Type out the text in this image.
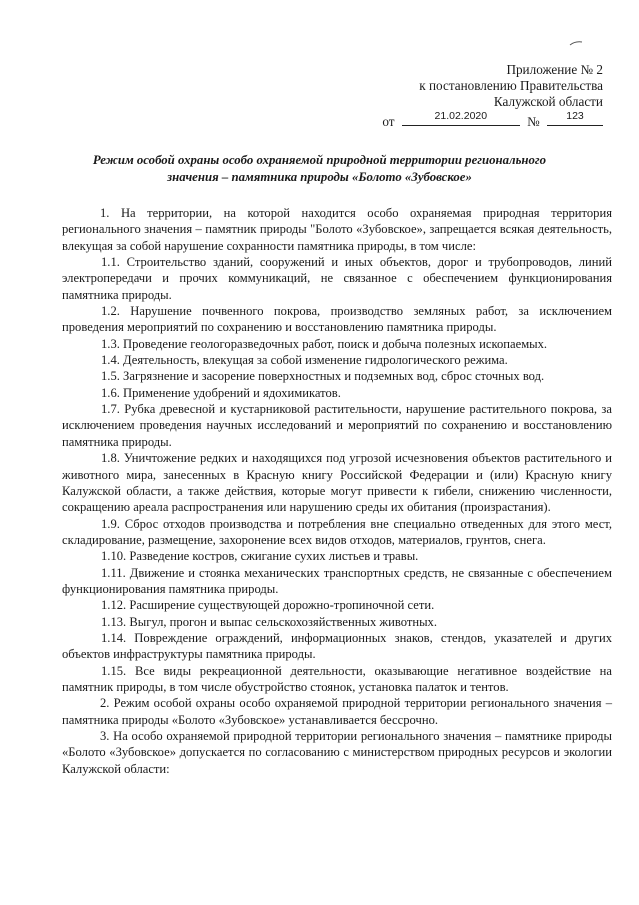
Приложение № 2
к постановлению Правительства
Калужской области
от	21.02.2020	№	123
Режим особой охраны особо охраняемой природной территории регионального
значения – памятника природы «Болото «Зубовское»

1. На территории, на которой находится особо охраняемая природная территория регионального значения – памятник природы "Болото «Зубовское», запрещается всякая деятельность, влекущая за собой нарушение сохранности памятника природы, в том числе:

1.1. Строительство зданий, сооружений и иных объектов, дорог и трубопроводов, линий электропередачи и прочих коммуникаций, не связанное с обеспечением функционирования памятника природы.

1.2. Нарушение почвенного покрова, производство земляных работ, за исключением проведения мероприятий по сохранению и восстановлению памятника природы.

1.3. Проведение геологоразведочных работ, поиск и добыча полезных ископаемых.

1.4. Деятельность, влекущая за собой изменение гидрологического режима.

1.5. Загрязнение и засорение поверхностных и подземных вод, сброс сточных вод.

1.6. Применение удобрений и ядохимикатов.

1.7. Рубка древесной и кустарниковой растительности, нарушение растительного покрова, за исключением проведения научных исследований и мероприятий по сохранению и восстановлению памятника природы.

1.8. Уничтожение редких и находящихся под угрозой исчезновения объектов растительного и животного мира, занесенных в Красную книгу Российской Федерации и (или) Красную книгу Калужской области, а также действия, которые могут привести к гибели, снижению численности, сокращению ареала распространения или нарушению среды их обитания (произрастания).

1.9. Сброс отходов производства и потребления вне специально отведенных для этого мест, складирование, размещение, захоронение всех видов отходов, материалов, грунтов, снега.

1.10. Разведение костров, сжигание сухих листьев и травы.

1.11. Движение и стоянка механических транспортных средств, не связанные с обеспечением функционирования памятника природы.

1.12. Расширение существующей дорожно-тропиночной сети.

1.13. Выгул, прогон и выпас сельскохозяйственных животных.

1.14. Повреждение ограждений, информационных знаков, стендов, указателей и других объектов инфраструктуры памятника природы.

1.15. Все виды рекреационной деятельности, оказывающие негативное воздействие на памятник природы, в том числе обустройство стоянок, установка палаток и тентов.

2. Режим особой охраны особо охраняемой природной территории регионального значения – памятника природы «Болото «Зубовское» устанавливается бессрочно.

3. На особо охраняемой природной территории регионального значения – памятнике природы «Болото «Зубовское» допускается по согласованию с министерством природных ресурсов и экологии Калужской области:
